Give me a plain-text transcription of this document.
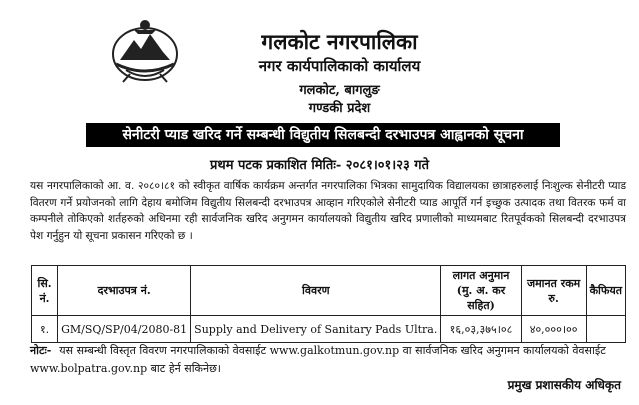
गलकोट नगरपालिका
नगर कार्यपालिकाको कार्यालय
गलकोट, बागलुङ
गण्डकी प्रदेश
सेनीटरी प्याड खरिद गर्ने सम्बन्धी विद्युतीय सिलबन्दी दरभाउपत्र आह्वानको सूचना
प्रथम पटक प्रकाशित मितिः- २०८१।०१।२३ गते
यस नगरपालिकाको आ. व. २०८०।८१ को स्वीकृत वार्षिक कार्यक्रम अन्तर्गत नगरपालिका भित्रका सामुदायिक विद्यालयका छात्राहरुलाई निःशुल्क सेनीटरी प्याड वितरण गर्ने प्रयोजनको लागि देहाय बमोजिम विद्युतीय सिलबन्दी दरभाउपत्र आव्हान गरिएकोले सेनीटरी प्याड आपूर्ति गर्न इच्छुक उत्पादक तथा वितरक फर्म वा कम्पनीले तोकिएको शर्तहरुको अधिनमा रही सार्वजनिक खरिद अनुगमन कार्यालयको विद्युतीय खरिद प्रणालीको माध्यमबाट रितपूर्वकको सिलबन्दी दरभाउपत्र पेश गर्नुहुन यो सूचना प्रकासन गरिएको छ ।
सि. नं.	दरभाउपत्र नं.	विवरण	लागत अनुमान (मु. अ. कर सहित)	जमानत रकम रु.	कैफियत
१.	GM/SQ/SP/04/2080-81	Supply and Delivery of Sanitary Pads Ultra.	१६,०३,३७५।०८	४०,०००।००	
नोटः- यस सम्बन्धी विस्तृत विवरण नगरपालिकाको वेवसाईट www.galkotmun.gov.np वा सार्वजनिक खरिद अनुगमन कार्यालयको वेवसाईट www.bolpatra.gov.np बाट हेर्न सकिनेछ।
प्रमुख प्रशासकीय अधिकृत
